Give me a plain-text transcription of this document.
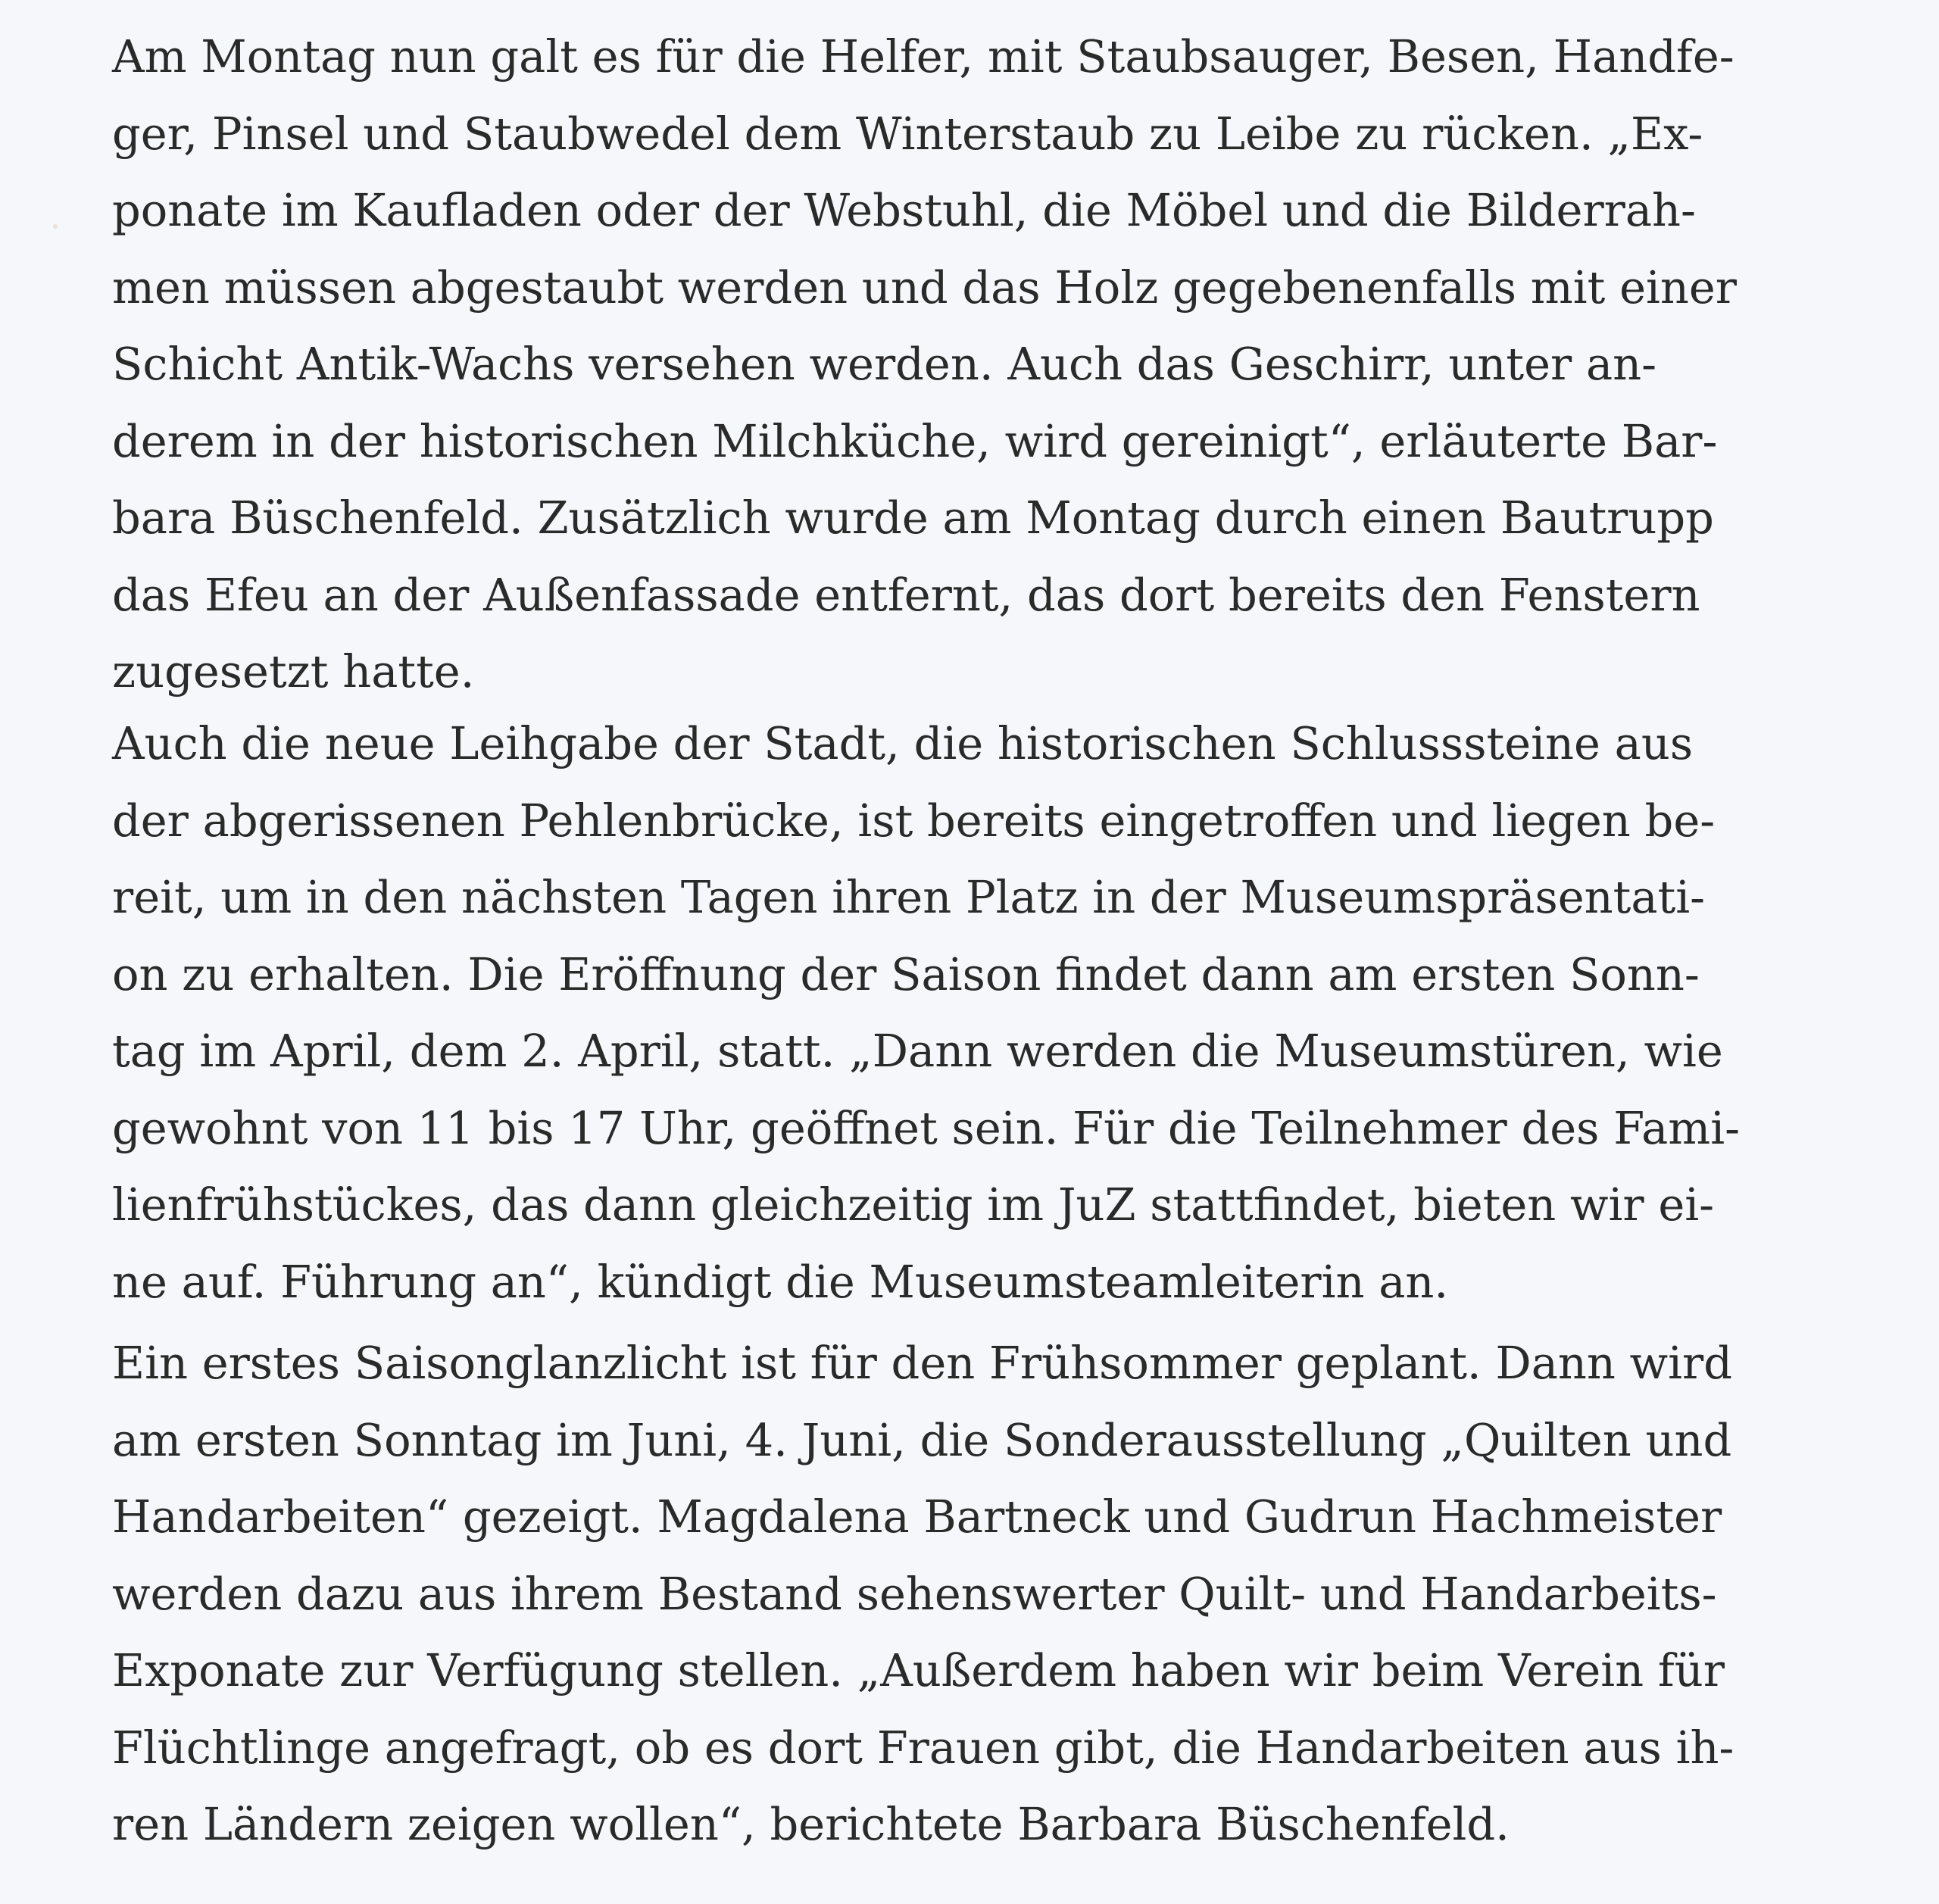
Am Montag nun galt es für die Helfer, mit Staubsauger, Besen, Handfe-
ger, Pinsel und Staubwedel dem Winterstaub zu Leibe zu rücken. „Ex-
ponate im Kaufladen oder der Webstuhl, die Möbel und die Bilderrah-
men müssen abgestaubt werden und das Holz gegebenenfalls mit einer
Schicht Antik-Wachs versehen werden. Auch das Geschirr, unter an-
derem in der historischen Milchküche, wird gereinigt“, erläuterte Bar-
bara Büschenfeld. Zusätzlich wurde am Montag durch einen Bautrupp
das Efeu an der Außenfassade entfernt, das dort bereits den Fenstern
zugesetzt hatte.
Auch die neue Leihgabe der Stadt, die historischen Schlusssteine aus
der abgerissenen Pehlenbrücke, ist bereits eingetroffen und liegen be-
reit, um in den nächsten Tagen ihren Platz in der Museumspräsentati-
on zu erhalten. Die Eröffnung der Saison findet dann am ersten Sonn-
tag im April, dem 2. April, statt. „Dann werden die Museumstüren, wie
gewohnt von 11 bis 17 Uhr, geöffnet sein. Für die Teilnehmer des Fami-
lienfrühstückes, das dann gleichzeitig im JuZ stattfindet, bieten wir ei-
ne auf. Führung an“, kündigt die Museumsteamleiterin an.
Ein erstes Saisonglanzlicht ist für den Frühsommer geplant. Dann wird
am ersten Sonntag im Juni, 4. Juni, die Sonderausstellung „Quilten und
Handarbeiten“ gezeigt. Magdalena Bartneck und Gudrun Hachmeister
werden dazu aus ihrem Bestand sehenswerter Quilt- und Handarbeits-
Exponate zur Verfügung stellen. „Außerdem haben wir beim Verein für
Flüchtlinge angefragt, ob es dort Frauen gibt, die Handarbeiten aus ih-
ren Ländern zeigen wollen“, berichtete Barbara Büschenfeld.
